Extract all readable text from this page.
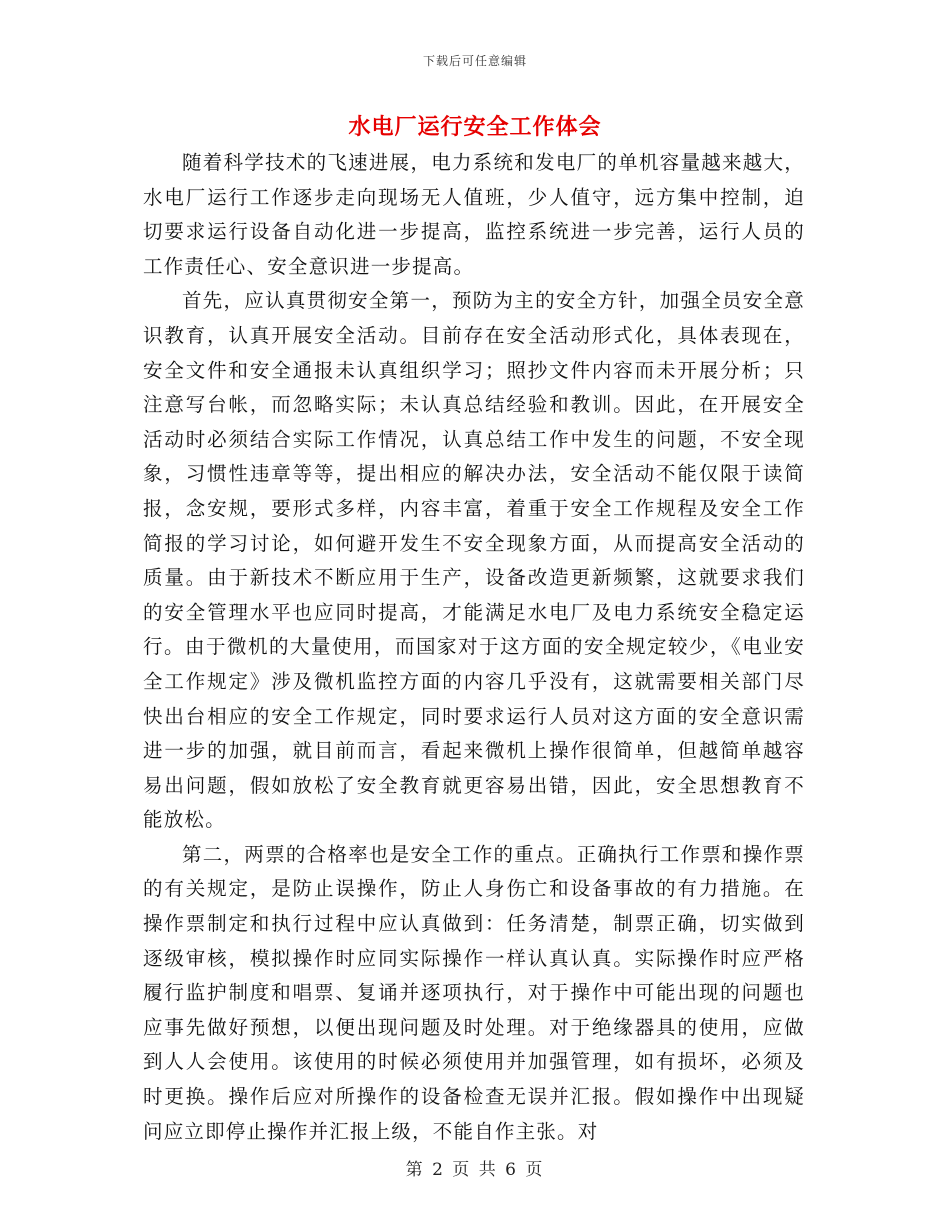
下载后可任意编辑
水电厂运行安全工作体会

随着科学技术的飞速进展，电力系统和发电厂的单机容量越来越大，水电厂运行工作逐步走向现场无人值班，少人值守，远方集中控制，迫切要求运行设备自动化进一步提高，监控系统进一步完善，运行人员的工作责任心、安全意识进一步提高。

首先，应认真贯彻安全第一，预防为主的安全方针，加强全员安全意识教育，认真开展安全活动。目前存在安全活动形式化，具体表现在，安全文件和安全通报未认真组织学习；照抄文件内容而未开展分析；只注意写台帐，而忽略实际；未认真总结经验和教训。因此，在开展安全活动时必须结合实际工作情况，认真总结工作中发生的问题，不安全现象，习惯性违章等等，提出相应的解决办法，安全活动不能仅限于读简报，念安规，要形式多样，内容丰富，着重于安全工作规程及安全工作简报的学习讨论，如何避开发生不安全现象方面，从而提高安全活动的质量。由于新技术不断应用于生产，设备改造更新频繁，这就要求我们的安全管理水平也应同时提高，才能满足水电厂及电力系统安全稳定运行。由于微机的大量使用，而国家对于这方面的安全规定较少，《电业安全工作规定》涉及微机监控方面的内容几乎没有，这就需要相关部门尽快出台相应的安全工作规定，同时要求运行人员对这方面的安全意识需进一步的加强，就目前而言，看起来微机上操作很简单，但越简单越容易出问题，假如放松了安全教育就更容易出错，因此，安全思想教育不能放松。

第二，两票的合格率也是安全工作的重点。正确执行工作票和操作票的有关规定，是防止误操作，防止人身伤亡和设备事故的有力措施。在操作票制定和执行过程中应认真做到：任务清楚，制票正确，切实做到逐级审核，模拟操作时应同实际操作一样认真认真。实际操作时应严格履行监护制度和唱票、复诵并逐项执行，对于操作中可能出现的问题也应事先做好预想，以便出现问题及时处理。对于绝缘器具的使用，应做到人人会使用。该使用的时候必须使用并加强管理，如有损坏，必须及时更换。操作后应对所操作的设备检查无误并汇报。假如操作中出现疑问应立即停止操作并汇报上级，不能自作主张。对

第 2 页 共 6 页
